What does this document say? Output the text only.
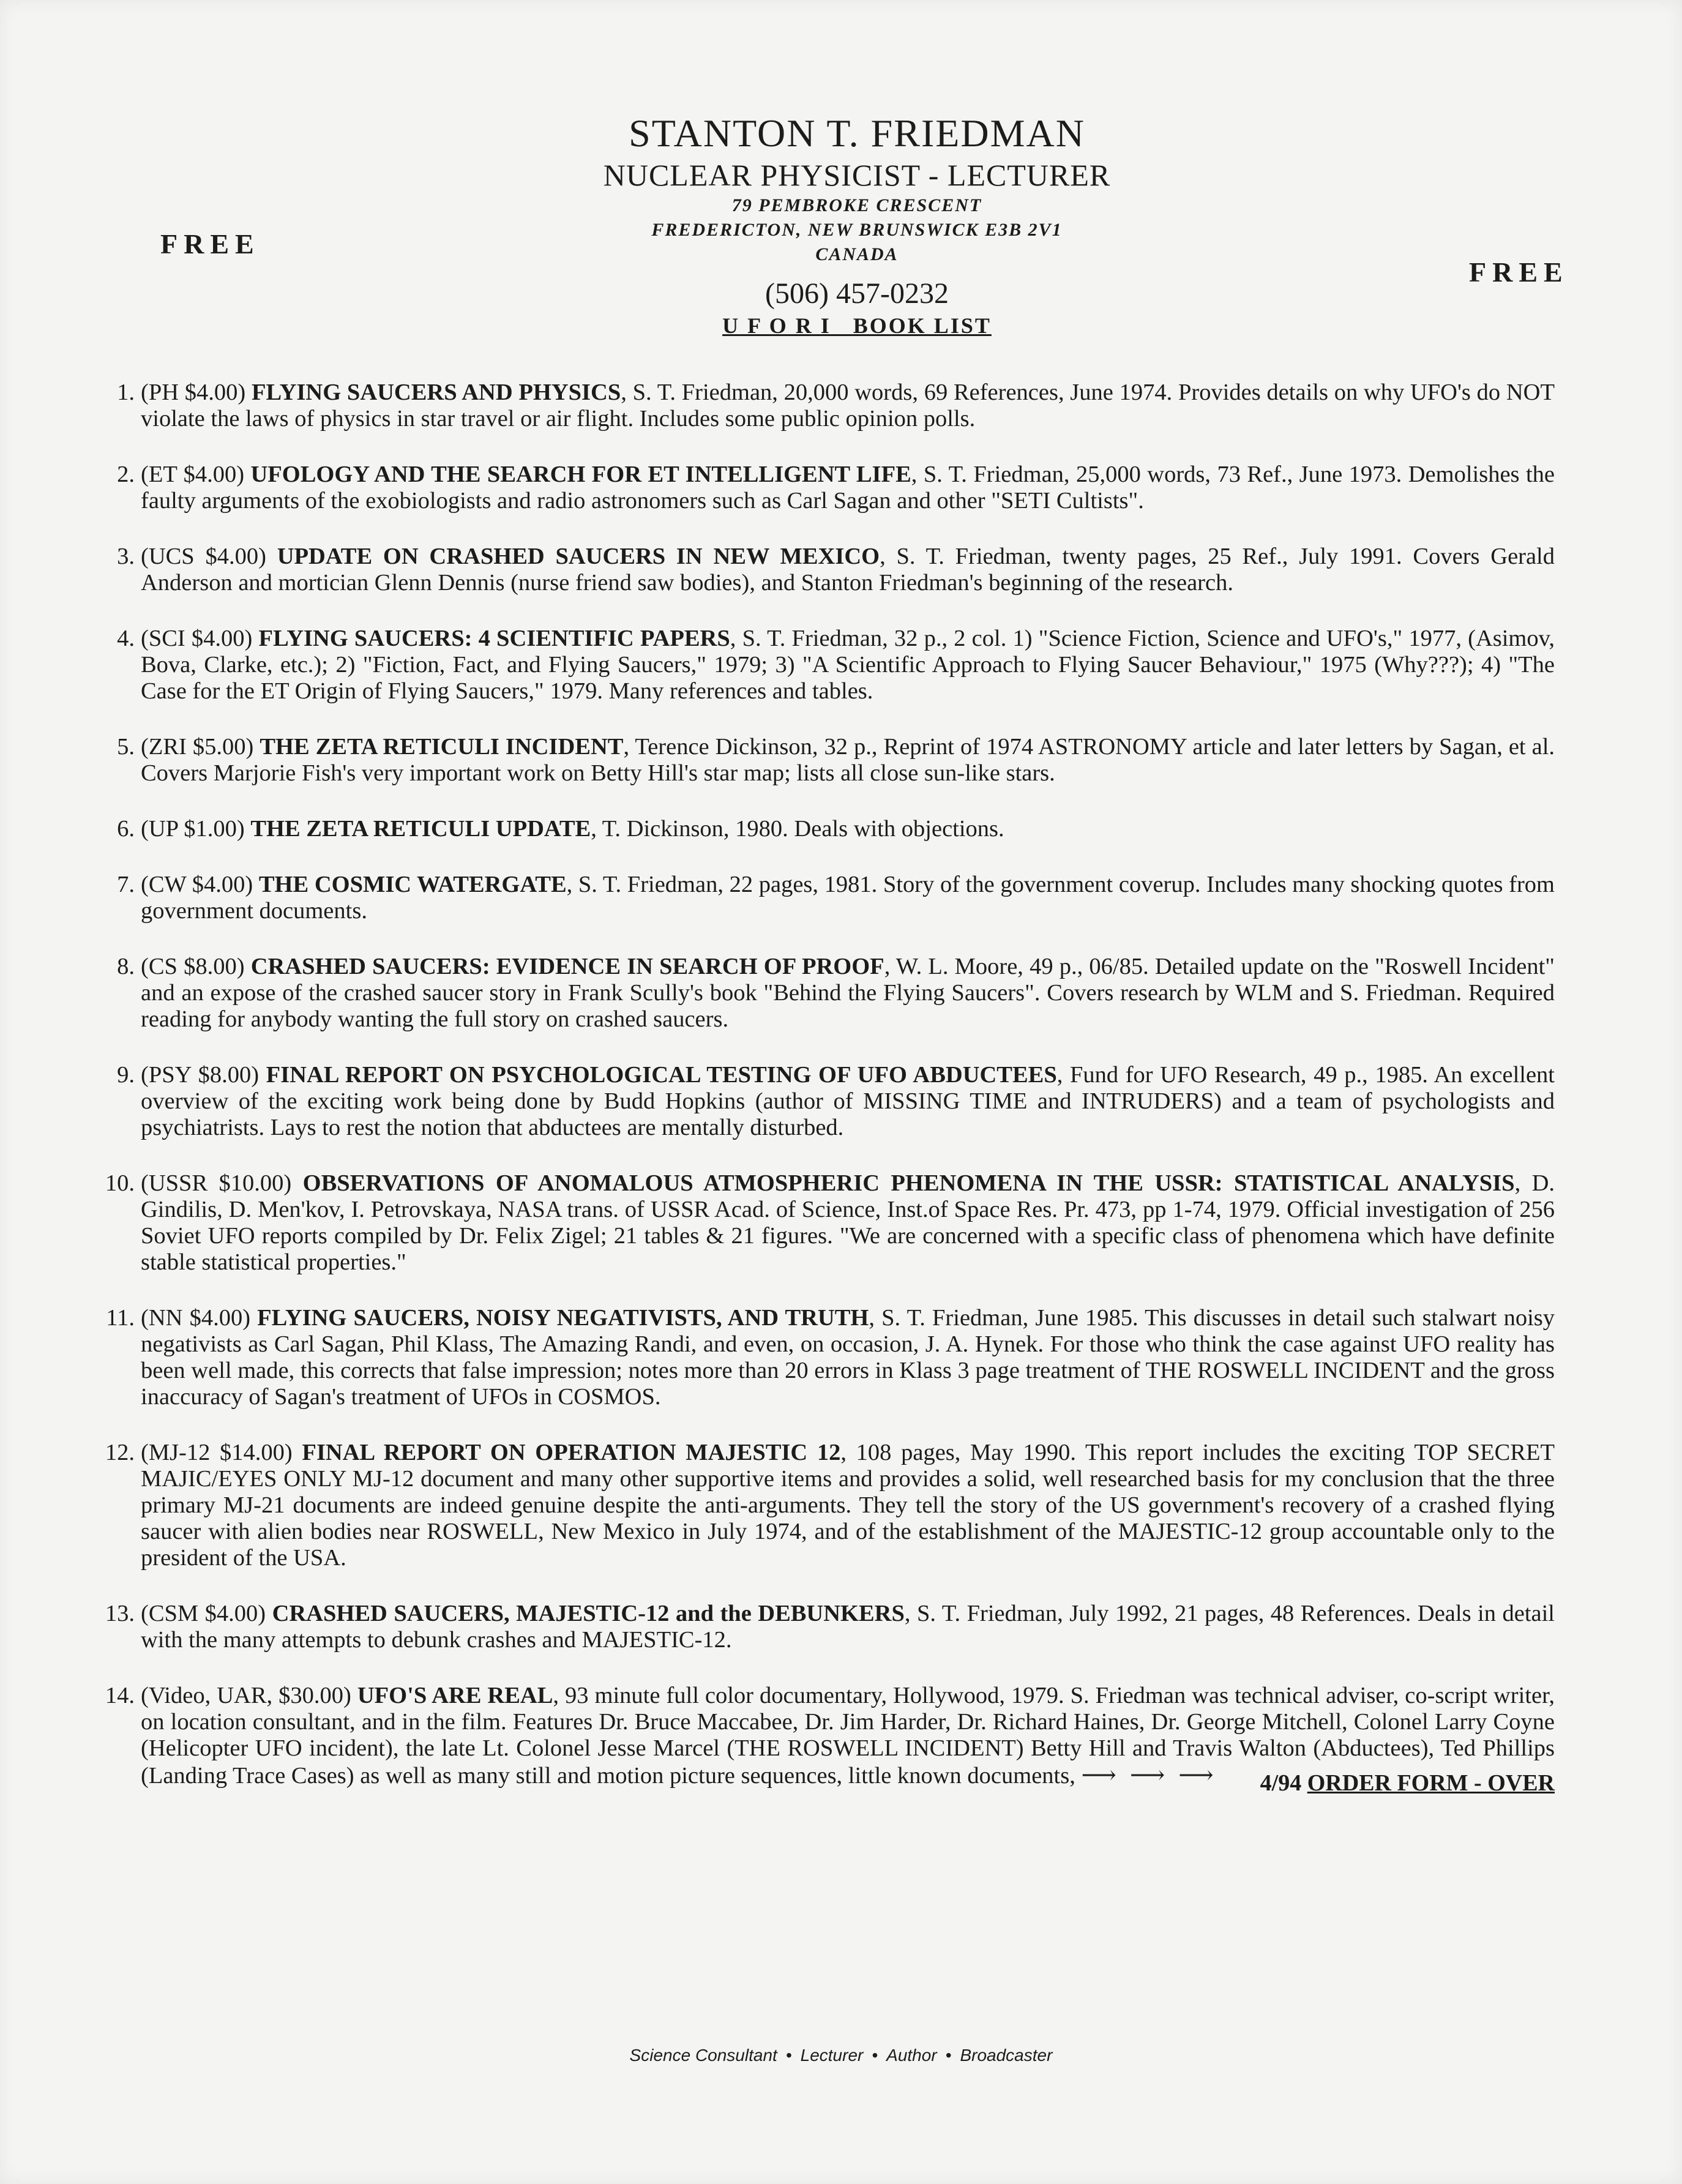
FREE
FREE
STANTON T. FRIEDMAN
NUCLEAR PHYSICIST - LECTURER
79 PEMBROKE CRESCENT
FREDERICTON, NEW BRUNSWICK E3B 2V1
CANADA
(506) 457-0232
U F O R I   BOOK LIST
1. (PH $4.00) FLYING SAUCERS AND PHYSICS, S. T. Friedman, 20,000 words, 69 References, June 1974. Provides details on why UFO's do NOT violate the laws of physics in star travel or air flight. Includes some public opinion polls.
2. (ET $4.00) UFOLOGY AND THE SEARCH FOR ET INTELLIGENT LIFE, S. T. Friedman, 25,000 words, 73 Ref., June 1973. Demolishes the faulty arguments of the exobiologists and radio astronomers such as Carl Sagan and other "SETI Cultists".
3. (UCS $4.00) UPDATE ON CRASHED SAUCERS IN NEW MEXICO, S. T. Friedman, twenty pages, 25 Ref., July 1991. Covers Gerald Anderson and mortician Glenn Dennis (nurse friend saw bodies), and Stanton Friedman's beginning of the research.
4. (SCI $4.00) FLYING SAUCERS: 4 SCIENTIFIC PAPERS, S. T. Friedman, 32 p., 2 col. 1) "Science Fiction, Science and UFO's," 1977, (Asimov, Bova, Clarke, etc.); 2) "Fiction, Fact, and Flying Saucers," 1979; 3) "A Scientific Approach to Flying Saucer Behaviour," 1975 (Why???); 4) "The Case for the ET Origin of Flying Saucers," 1979. Many references and tables.
5. (ZRI $5.00) THE ZETA RETICULI INCIDENT, Terence Dickinson, 32 p., Reprint of 1974 ASTRONOMY article and later letters by Sagan, et al. Covers Marjorie Fish's very important work on Betty Hill's star map; lists all close sun-like stars.
6. (UP $1.00) THE ZETA RETICULI UPDATE, T. Dickinson, 1980. Deals with objections.
7. (CW $4.00) THE COSMIC WATERGATE, S. T. Friedman, 22 pages, 1981. Story of the government coverup. Includes many shocking quotes from government documents.
8. (CS $8.00) CRASHED SAUCERS: EVIDENCE IN SEARCH OF PROOF, W. L. Moore, 49 p., 06/85. Detailed update on the "Roswell Incident" and an expose of the crashed saucer story in Frank Scully's book "Behind the Flying Saucers". Covers research by WLM and S. Friedman. Required reading for anybody wanting the full story on crashed saucers.
9. (PSY $8.00) FINAL REPORT ON PSYCHOLOGICAL TESTING OF UFO ABDUCTEES, Fund for UFO Research, 49 p., 1985. An excellent overview of the exciting work being done by Budd Hopkins (author of MISSING TIME and INTRUDERS) and a team of psychologists and psychiatrists. Lays to rest the notion that abductees are mentally disturbed.
10. (USSR $10.00) OBSERVATIONS OF ANOMALOUS ATMOSPHERIC PHENOMENA IN THE USSR: STATISTICAL ANALYSIS, D. Gindilis, D. Men'kov, I. Petrovskaya, NASA trans. of USSR Acad. of Science, Inst.of Space Res. Pr. 473, pp 1-74, 1979. Official investigation of 256 Soviet UFO reports compiled by Dr. Felix Zigel; 21 tables & 21 figures. "We are concerned with a specific class of phenomena which have definite stable statistical properties."
11. (NN $4.00) FLYING SAUCERS, NOISY NEGATIVISTS, AND TRUTH, S. T. Friedman, June 1985. This discusses in detail such stalwart noisy negativists as Carl Sagan, Phil Klass, The Amazing Randi, and even, on occasion, J. A. Hynek. For those who think the case against UFO reality has been well made, this corrects that false impression; notes more than 20 errors in Klass 3 page treatment of THE ROSWELL INCIDENT and the gross inaccuracy of Sagan's treatment of UFOs in COSMOS.
12. (MJ-12 $14.00) FINAL REPORT ON OPERATION MAJESTIC 12, 108 pages, May 1990. This report includes the exciting TOP SECRET MAJIC/EYES ONLY MJ-12 document and many other supportive items and provides a solid, well researched basis for my conclusion that the three primary MJ-21 documents are indeed genuine despite the anti-arguments. They tell the story of the US government's recovery of a crashed flying saucer with alien bodies near ROSWELL, New Mexico in July 1974, and of the establishment of the MAJESTIC-12 group accountable only to the president of the USA.
13. (CSM $4.00) CRASHED SAUCERS, MAJESTIC-12 and the DEBUNKERS, S. T. Friedman, July 1992, 21 pages, 48 References. Deals in detail with the many attempts to debunk crashes and MAJESTIC-12.
14. (Video, UAR, $30.00) UFO'S ARE REAL, 93 minute full color documentary, Hollywood, 1979. S. Friedman was technical adviser, co-script writer, on location consultant, and in the film. Features Dr. Bruce Maccabee, Dr. Jim Harder, Dr. Richard Haines, Dr. George Mitchell, Colonel Larry Coyne (Helicopter UFO incident), the late Lt. Colonel Jesse Marcel (THE ROSWELL INCIDENT) Betty Hill and Travis Walton (Abductees), Ted Phillips (Landing Trace Cases) as well as many still and motion picture sequences, little known documents, ⟶ ⟶ ⟶ 4/94 ORDER FORM - OVER
Science Consultant • Lecturer • Author • Broadcaster
